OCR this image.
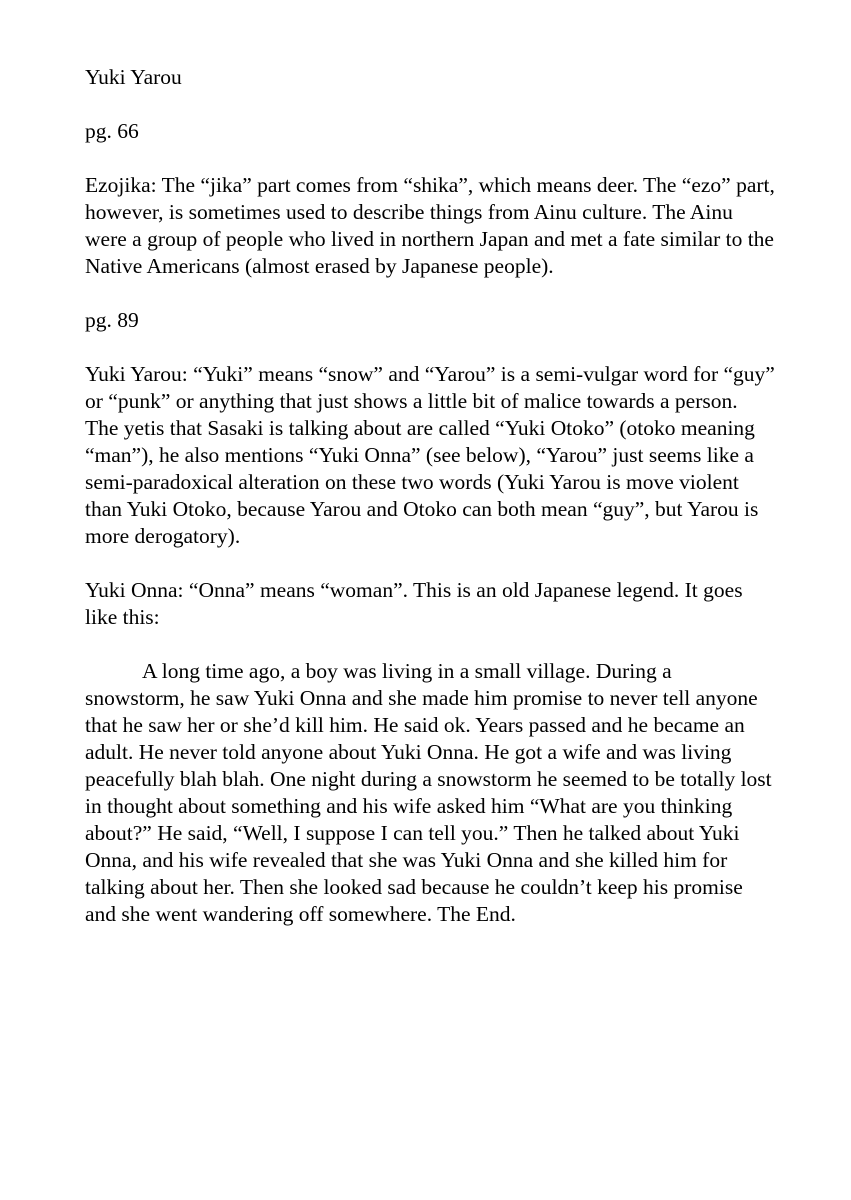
Yuki Yarou

pg. 66

Ezojika: The “jika” part comes from “shika”, which means deer. The “ezo” part, however, is sometimes used to describe things from Ainu culture. The Ainu were a group of people who lived in northern Japan and met a fate similar to the Native Americans (almost erased by Japanese people).

pg. 89

Yuki Yarou: “Yuki” means “snow” and “Yarou” is a semi-vulgar word for “guy” or “punk” or anything that just shows a little bit of malice towards a person. The yetis that Sasaki is talking about are called “Yuki Otoko” (otoko meaning “man”), he also mentions “Yuki Onna” (see below), “Yarou” just seems like a semi-paradoxical alteration on these two words (Yuki Yarou is move violent than Yuki Otoko, because Yarou and Otoko can both mean “guy”, but Yarou is more derogatory).

Yuki Onna: “Onna” means “woman”. This is an old Japanese legend. It goes like this:

A long time ago, a boy was living in a small village. During a snowstorm, he saw Yuki Onna and she made him promise to never tell anyone that he saw her or she’d kill him. He said ok. Years passed and he became an adult. He never told anyone about Yuki Onna. He got a wife and was living peacefully blah blah. One night during a snowstorm he seemed to be totally lost in thought about something and his wife asked him “What are you thinking about?” He said, “Well, I suppose I can tell you.” Then he talked about Yuki Onna, and his wife revealed that she was Yuki Onna and she killed him for talking about her. Then she looked sad because he couldn’t keep his promise and she went wandering off somewhere. The End.
